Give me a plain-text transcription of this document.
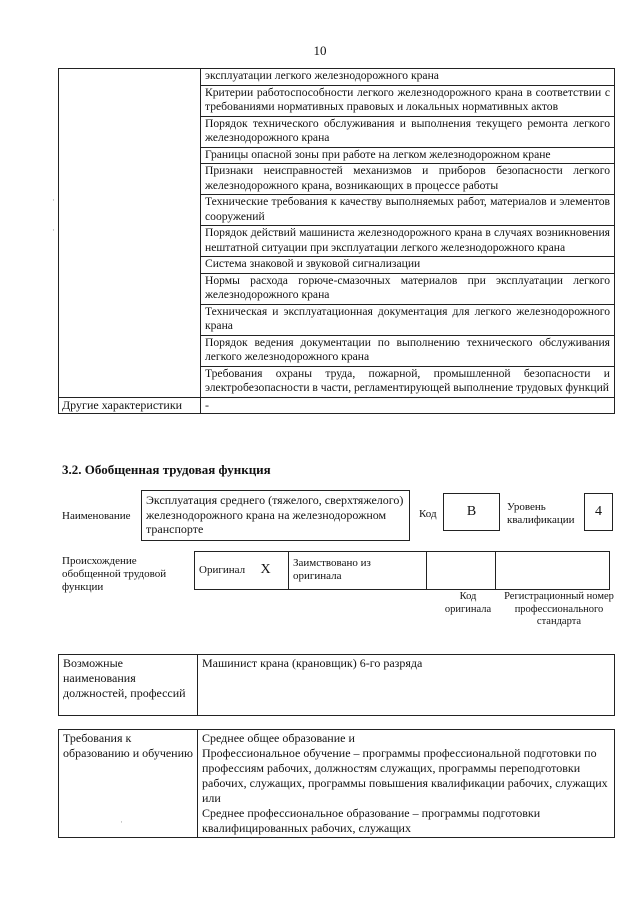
10
	эксплуатации легкого железнодорожного крана
	Критерии работоспособности легкого железнодорожного крана в соответствии с требованиями нормативных правовых и локальных нормативных актов
	Порядок технического обслуживания и выполнения текущего ремонта легкого железнодорожного крана
	Границы опасной зоны при работе на легком железнодорожном кране
	Признаки неисправностей механизмов и приборов безопасности легкого железнодорожного крана, возникающих в процессе работы
	Технические требования к качеству выполняемых работ, материалов и элементов сооружений
	Порядок действий машиниста железнодорожного крана в случаях возникновения нештатной ситуации при эксплуатации легкого железнодорожного крана
	Система знаковой и звуковой сигнализации
	Нормы расхода горюче-смазочных материалов при эксплуатации легкого железнодорожного крана
	Техническая и эксплуатационная документация для легкого железнодорожного крана
	Порядок ведения документации по выполнению технического обслуживания легкого железнодорожного крана
	Требования охраны труда, пожарной, промышленной безопасности и электробезопасности в части, регламентирующей выполнение трудовых функций
Другие характеристики	-
3.2. Обобщенная трудовая функция
Наименование
Эксплуатация среднего (тяжелого, сверхтяжелого) железнодорожного крана на железнодорожном транспорте
Код	B	Уровень квалификации
4
Происхождение обобщенной трудовой функции
Оригинал	X	Заимствовано из оригинала		
Код оригинала
Регистрационный номер профессионального стандарта
Возможные наименования должностей, профессий	Машинист крана (крановщик) 6-го разряда
Требования к образованию и обучению	
Среднее общее образование и
Профессиональное обучение – программы профессиональной подготовки по профессиям рабочих, должностям служащих, программы переподготовки рабочих, служащих, программы повышения квалификации рабочих, служащих
или
Среднее профессиональное образование – программы подготовки квалифицированных рабочих, служащих
·
·
·
